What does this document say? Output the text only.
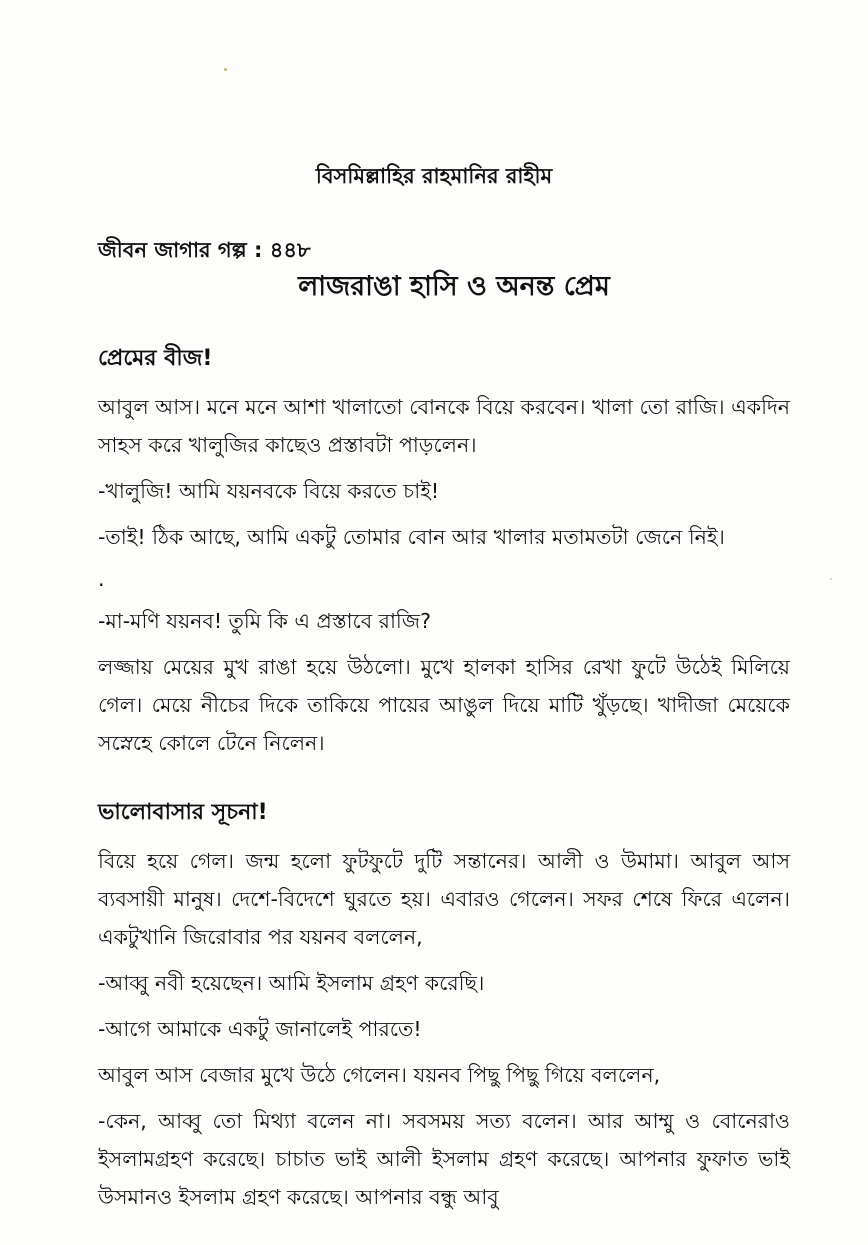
বিসমিল্লাহির রাহমানির রাহীম
জীবন জাগার গল্প : ৪৪৮
লাজরাঙা হাসি ও অনন্ত প্রেম
প্রেমের বীজ!

আবুল আস। মনে মনে আশা খালাতো বোনকে বিয়ে করবেন। খালা তো রাজি। একদিন সাহস করে খালুজির কাছেও প্রস্তাবটা পাড়লেন।

-খালুজি! আমি যয়নবকে বিয়ে করতে চাই!

-তাই! ঠিক আছে, আমি একটু তোমার বোন আর খালার মতামতটা জেনে নিই।

.

-মা-মণি যয়নব! তুমি কি এ প্রস্তাবে রাজি?

লজ্জায় মেয়ের মুখ রাঙা হয়ে উঠলো। মুখে হালকা হাসির রেখা ফুটে উঠেই মিলিয়ে গেল। মেয়ে নীচের দিকে তাকিয়ে পায়ের আঙুল দিয়ে মাটি খুঁড়ছে। খাদীজা মেয়েকে সস্নেহে কোলে টেনে নিলেন।

ভালোবাসার সূচনা!

বিয়ে হয়ে গেল। জন্ম হলো ফুটফুটে দুটি সন্তানের। আলী ও উমামা। আবুল আস ব্যবসায়ী মানুষ। দেশে-বিদেশে ঘুরতে হয়। এবারও গেলেন। সফর শেষে ফিরে এলেন। একটুখানি জিরোবার পর যয়নব বললেন,

-আব্বু নবী হয়েছেন। আমি ইসলাম গ্রহণ করেছি।

-আগে আমাকে একটু জানালেই পারতে!

আবুল আস বেজার মুখে উঠে গেলেন। যয়নব পিছু পিছু গিয়ে বললেন,

-কেন, আব্বু তো মিথ্যা বলেন না। সবসময় সত্য বলেন। আর আম্মু ও বোনেরাও ইসলামগ্রহণ করেছে। চাচাত ভাই আলী ইসলাম গ্রহণ করেছে। আপনার ফুফাত ভাই উসমানও ইসলাম গ্রহণ করেছে। আপনার বন্ধু আবু
